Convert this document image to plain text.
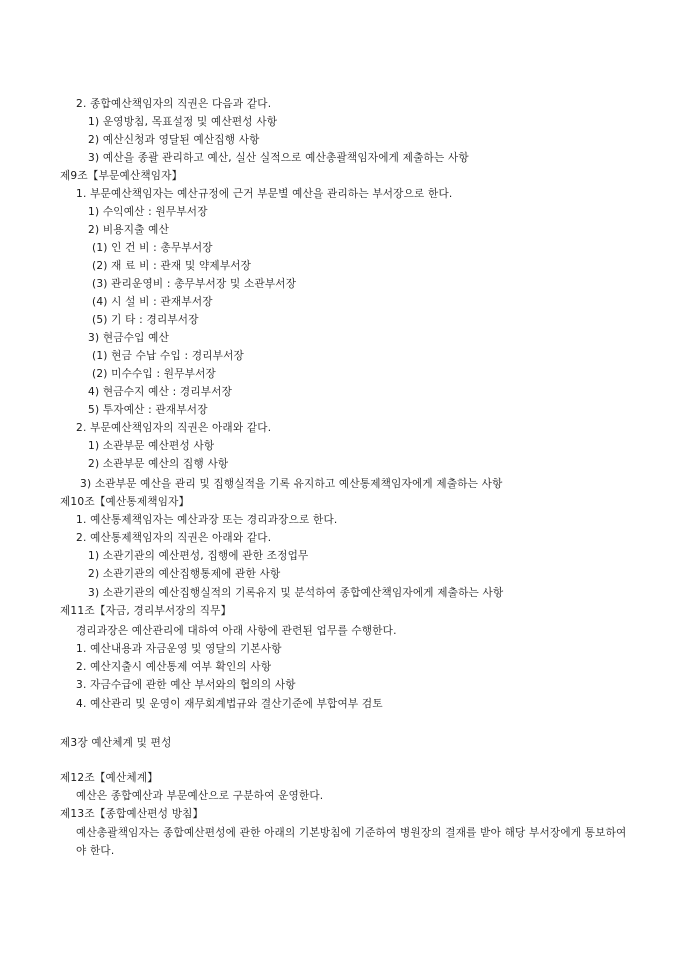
2. 종합예산책임자의 직권은 다음과 같다.
1) 운영방침, 목표설정 및 예산편성 사항
2) 예산신청과 영달된 예산집행 사항
3) 예산을 종괄 관리하고 예산, 실산 실적으로 예산총괄책임자에게 제출하는 사항
제9조【부문예산책임자】
1. 부문예산책임자는 예산규정에 근거 부문별 예산을 관리하는 부서장으로 한다.
1) 수익예산 : 원무부서장
2) 비용지출 예산
(1) 인 건 비 : 총무부서장
(2) 재 료 비 : 관재 및 약제부서장
(3) 관리운영비 : 총무부서장 및 소관부서장
(4) 시 설 비 : 관재부서장
(5) 기 타 : 경리부서장
3) 현금수입 예산
(1) 현금 수납 수입 : 경리부서장
(2) 미수수입 : 원무부서장
4) 현금수지 예산 : 경리부서장
5) 투자예산 : 관재부서장
2. 부문예산책임자의 직권은 아래와 같다.
1) 소관부문 예산편성 사항
2) 소관부문 예산의 집행 사항
3) 소관부문 예산을 관리 및 집행실적을 기록 유지하고 예산통제책임자에게 제출하는 사항
제10조【예산통제책임자】
1. 예산통제책임자는 예산과장 또는 경리과장으로 한다.
2. 예산통제책임자의 직권은 아래와 같다.
1) 소관기관의 예산편성, 집행에 관한 조정업무
2) 소관기관의 예산집행통제에 관한 사항
3) 소관기관의 예산집행실적의 기록유지 및 분석하여 종합예산책임자에게 제출하는 사항
제11조【자금, 경리부서장의 직무】
경리과장은 예산관리에 대하여 아래 사항에 관련된 업무를 수행한다.
1. 예산내용과 자금운영 및 영달의 기본사항
2. 예산지출시 예산통제 여부 확인의 사항
3. 자금수급에 관한 예산 부서와의 협의의 사항
4. 예산관리 및 운영이 재무회계법규와 결산기준에 부합여부 검토
제3장 예산체계 및 편성
제12조【예산체계】
예산은 종합예산과 부문예산으로 구분하여 운영한다.
제13조【종합예산편성 방침】
예산총괄책임자는 종합예산편성에 관한 아래의 기본방침에 기준하여 병원장의 결재를 받아 해당 부서장에게 통보하여야 한다.
